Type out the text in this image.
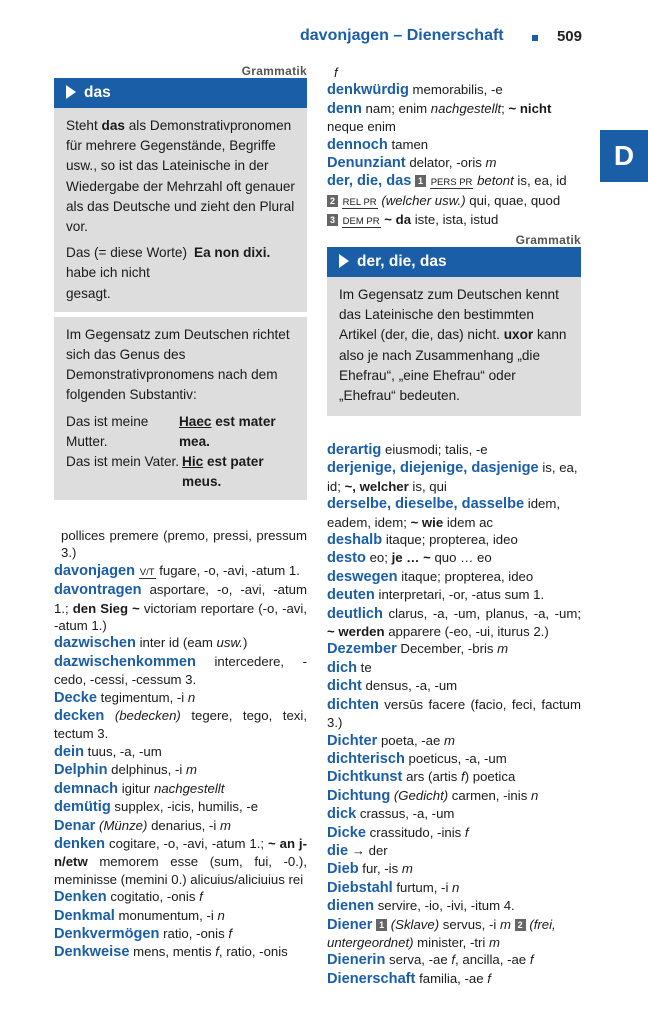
davonjagen – Dienerschaft	509
D
Grammatik
das
Steht das als Demonstrativpronomen für mehrere Gegenstände, Begriffe usw., so ist das Lateinische in der Wiedergabe der Mehrzahl oft genauer als das Deutsche und zieht den Plural vor.
Das (= diese Worte) habe ich nicht gesagt.
Ea non dixi.
Im Gegensatz zum Deutschen richtet sich das Genus des Demonstrativpronomens nach dem folgenden Substantiv:
Das ist meine Mutter.
Haec est mater mea.
Das ist mein Vater. Hic est pater meus.
pollices premere (premo, pressi, pressum 3.)
davonjagen V/T fugare, -o, -avi, -atum 1.
davontragen asportare, -o, -avi, -atum 1.; den Sieg ~ victoriam reportare (-o, -avi, -atum 1.)
dazwischen inter id (eam usw.)
dazwischenkommen intercedere, -cedo, -cessi, -cessum 3.
Decke tegimentum, -i n
decken (bedecken) tegere, tego, texi, tectum 3.
dein tuus, -a, -um
Delphin delphinus, -i m
demnach igitur nachgestellt
demütig supplex, -icis, humilis, -e
Denar (Münze) denarius, -i m
denken cogitare, -o, -avi, -atum 1.; ~ an j-n/etw memorem esse (sum, fui, -0.), meminisse (memini 0.) alicuius/aliciuius rei
Denken cogitatio, -onis f
Denkmal monumentum, -i n
Denkvermögen ratio, -onis f
Denkweise mens, mentis f, ratio, -onis
f
denkwürdig memorabilis, -e
denn nam; enim nachgestellt; ~ nicht neque enim
dennoch tamen
Denunziant delator, -oris m
der, die, das 1 PERS PR betont is, ea, id
2 REL PR (welcher usw.) qui, quae, quod
3 DEM PR ~ da iste, ista, istud
Grammatik
der, die, das
Im Gegensatz zum Deutschen kennt das Lateinische den bestimmten Artikel (der, die, das) nicht. uxor kann also je nach Zusammenhang „die Ehefrau“, „eine Ehefrau“ oder „Ehefrau“ bedeuten.
derartig eiusmodi; talis, -e
derjenige, diejenige, dasjenige is, ea, id; ~, welcher is, qui
derselbe, dieselbe, dasselbe idem, eadem, idem; ~ wie idem ac
deshalb itaque; propterea, ideo
desto eo; je … ~ quo … eo
deswegen itaque; propterea, ideo
deuten interpretari, -or, -atus sum 1.
deutlich clarus, -a, -um, planus, -a, -um; ~ werden apparere (-eo, -ui, iturus 2.)
Dezember December, -bris m
dich te
dicht densus, -a, -um
dichten versūs facere (facio, feci, factum 3.)
Dichter poeta, -ae m
dichterisch poeticus, -a, -um
Dichtkunst ars (artis f) poetica
Dichtung (Gedicht) carmen, -inis n
dick crassus, -a, -um
Dicke crassitudo, -inis f
die → der
Dieb fur, -is m
Diebstahl furtum, -i n
dienen servire, -io, -ivi, -itum 4.
Diener 1 (Sklave) servus, -i m 2 (frei, untergeordnet) minister, -tri m
Dienerin serva, -ae f, ancilla, -ae f
Dienerschaft familia, -ae f
